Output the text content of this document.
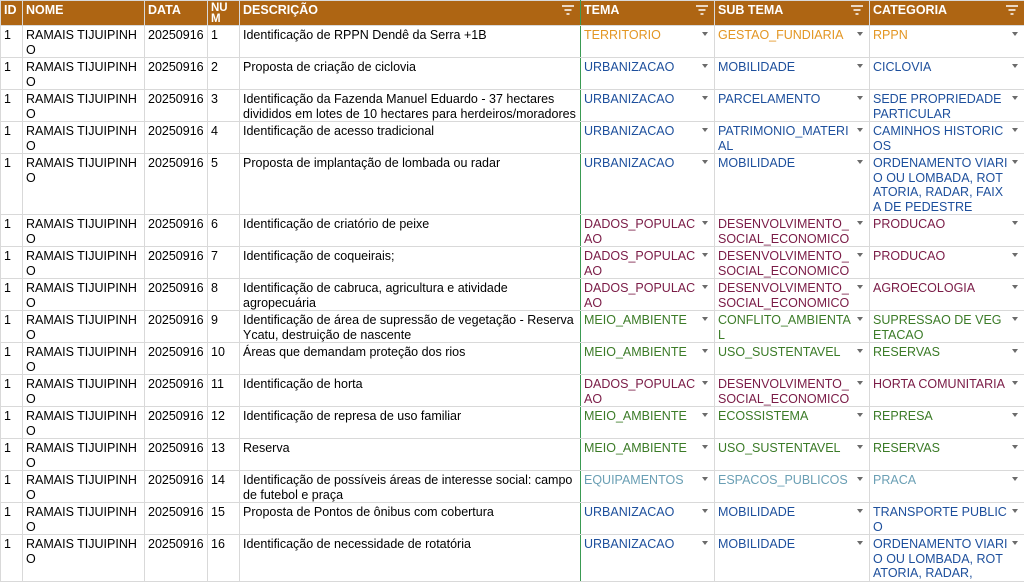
ID	NOME	DATA	NU M	DESCRIÇÃO	TEMA	SUB TEMA	CATEGORIA

1	RAMAIS TIJUIPINHO	20250916	1	Identificação de RPPN Dendê da Serra +1B	TERRITORIO	GESTAO_FUNDIARIA	RPPN

1	RAMAIS TIJUIPINHO	20250916	2	Proposta de criação de ciclovia	URBANIZACAO	MOBILIDADE	CICLOVIA

1	RAMAIS TIJUIPINHO	20250916	3	Identificação da Fazenda Manuel Eduardo - 37 hectares divididos em lotes de 10 hectares para herdeiros/moradores	URBANIZACAO	PARCELAMENTO	SEDE PROPRIEDADE PARTICULAR

1	RAMAIS TIJUIPINHO	20250916	4	Identificação de acesso tradicional	URBANIZACAO	PATRIMONIO_MATERIAL	CAMINHOS HISTORICOS

1	RAMAIS TIJUIPINHO	20250916	5	Proposta de implantação de lombada ou radar	URBANIZACAO	MOBILIDADE	ORDENAMENTO VIARIO OU LOMBADA, ROTATORIA, RADAR, FAIXA DE PEDESTRE

1	RAMAIS TIJUIPINHO	20250916	6	Identificação de criatório de peixe	DADOS_POPULACAO	DESENVOLVIMENTO_SOCIAL_ECONOMICO	PRODUCAO

1	RAMAIS TIJUIPINHO	20250916	7	Identificação de coqueirais;	DADOS_POPULACAO	DESENVOLVIMENTO_SOCIAL_ECONOMICO	PRODUCAO

1	RAMAIS TIJUIPINHO	20250916	8	Identificação de cabruca, agricultura e atividade agropecuária	DADOS_POPULACAO	DESENVOLVIMENTO_SOCIAL_ECONOMICO	AGROECOLOGIA

1	RAMAIS TIJUIPINHO	20250916	9	Identificação de área de supressão de vegetação - Reserva Ycatu, destruição de nascente	MEIO_AMBIENTE	CONFLITO_AMBIENTAL	SUPRESSAO DE VEGETACAO

1	RAMAIS TIJUIPINHO	20250916	10	Áreas que demandam proteção dos rios	MEIO_AMBIENTE	USO_SUSTENTAVEL	RESERVAS

1	RAMAIS TIJUIPINHO	20250916	11	Identificação de horta	DADOS_POPULACAO	DESENVOLVIMENTO_SOCIAL_ECONOMICO	HORTA COMUNITARIA

1	RAMAIS TIJUIPINHO	20250916	12	Identificação de represa de uso familiar	MEIO_AMBIENTE	ECOSSISTEMA	REPRESA

1	RAMAIS TIJUIPINHO	20250916	13	Reserva	MEIO_AMBIENTE	USO_SUSTENTAVEL	RESERVAS

1	RAMAIS TIJUIPINHO	20250916	14	Identificação de possíveis áreas de interesse social: campo de futebol e praça	EQUIPAMENTOS	ESPACOS_PUBLICOS	PRACA

1	RAMAIS TIJUIPINHO	20250916	15	Proposta de Pontos de ônibus com cobertura	URBANIZACAO	MOBILIDADE	TRANSPORTE PUBLICO

1	RAMAIS TIJUIPINHO	20250916	16	Identificação de necessidade de rotatória	URBANIZACAO	MOBILIDADE	ORDENAMENTO VIARIO OU LOMBADA, ROTATORIA, RADAR,
